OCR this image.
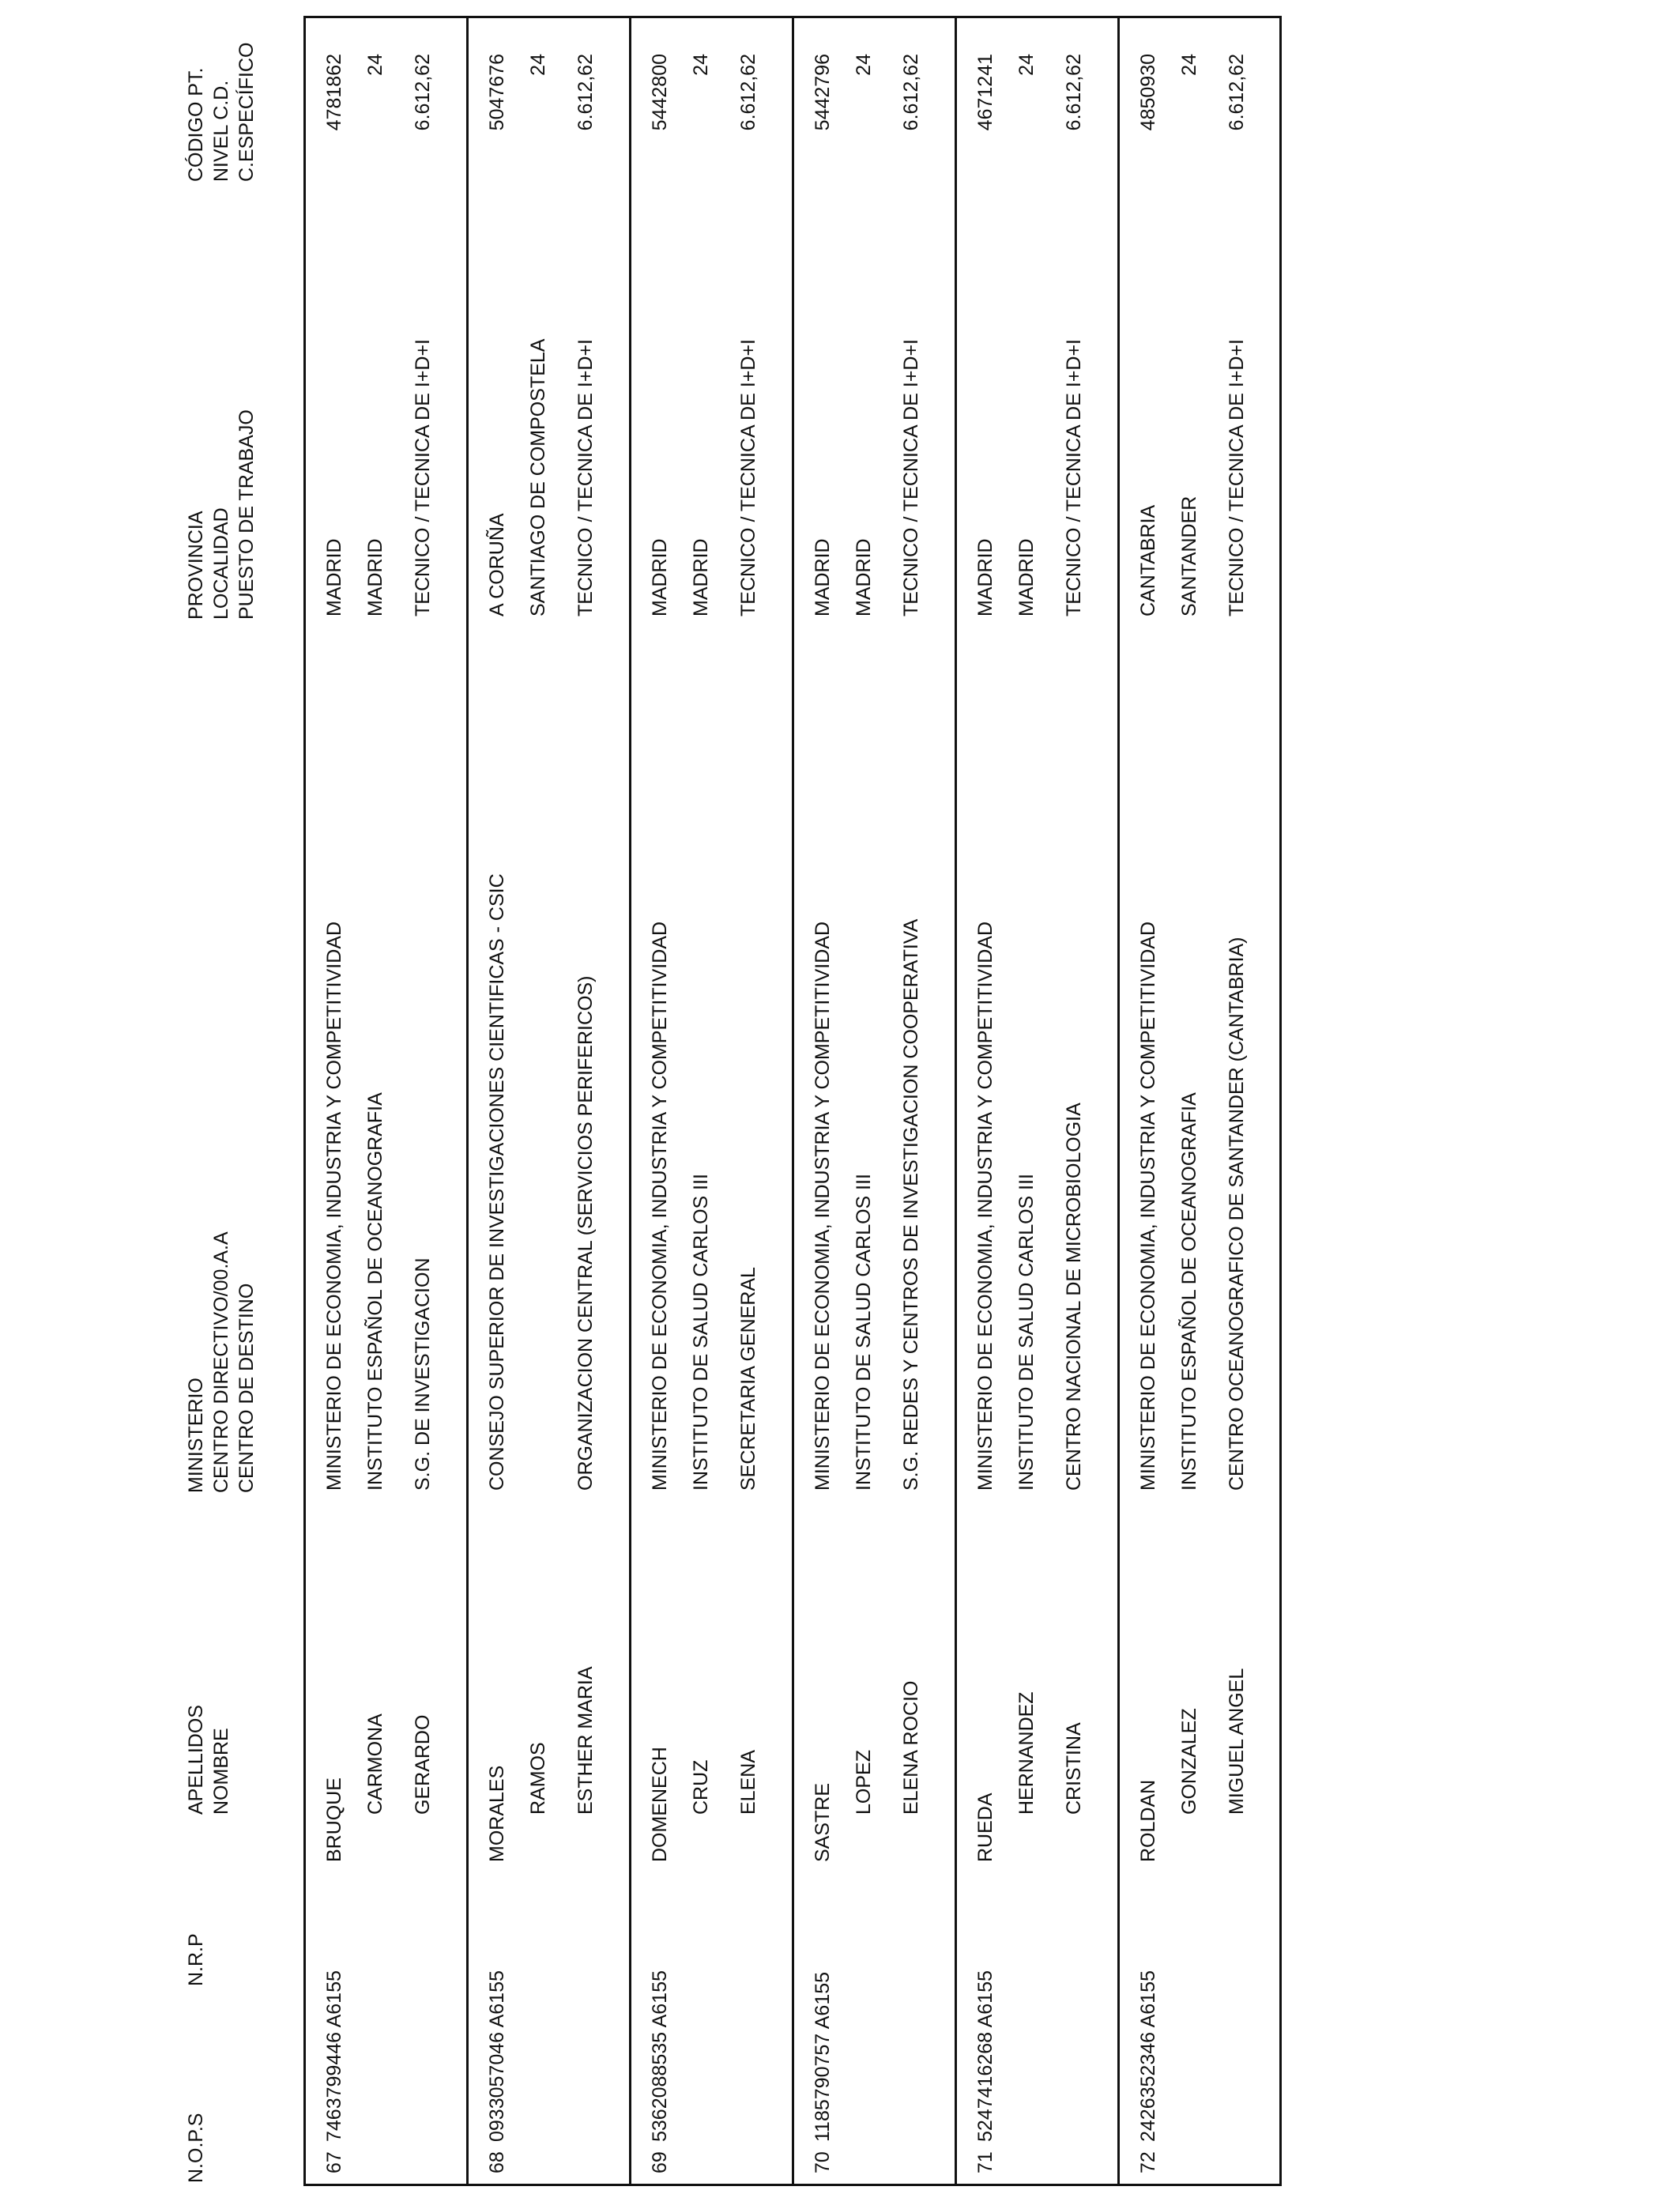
N.O.P.S
N.R.P
APELLIDOS NOMBRE
MINISTERIO CENTRO DIRECTIVO/00.A.A CENTRO DE DESTINO
PROVINCIA LOCALIDAD PUESTO DE TRABAJO
CÓDIGO PT. NIVEL C.D. C.ESPECÍFICO
67
7463799446 A6155
BRUQUE
CARMONA GERARDO
MINISTERIO DE ECONOMIA, INDUSTRIA Y COMPETITIVIDAD INSTITUTO ESPAÑOL DE OCEANOGRAFIA S.G. DE INVESTIGACION
MADRID MADRID TECNICO / TECNICA DE I+D+I
4781862 24 6.612,62
68
0933057046 A6155
MORALES RAMOS ESTHER MARIA
CONSEJO SUPERIOR DE INVESTIGACIONES CIENTIFICAS - CSIC	ORGANIZACION CENTRAL (SERVICIOS PERIFERICOS)
A CORUÑA SANTIAGO DE COMPOSTELA TECNICO / TECNICA DE I+D+I
5047676 24 6.612,62
69
5362088535 A6155
DOMENECH CRUZ ELENA
MINISTERIO DE ECONOMIA, INDUSTRIA Y COMPETITIVIDAD INSTITUTO DE SALUD CARLOS III SECRETARIA GENERAL
MADRID MADRID TECNICO / TECNICA DE I+D+I
5442800 24 6.612,62
70
1185790757 A6155
SASTRE
LOPEZ ELENA ROCIO
MINISTERIO DE ECONOMIA, INDUSTRIA Y COMPETITIVIDAD INSTITUTO DE SALUD CARLOS III S.G. REDES Y CENTROS DE INVESTIGACION COOPERATIVA
MADRID MADRID TECNICO / TECNICA DE I+D+I
5442796 24 6.612,62
71
5247416268 A6155
RUEDA
HERNANDEZ CRISTINA
MINISTERIO DE ECONOMIA, INDUSTRIA Y COMPETITIVIDAD INSTITUTO DE SALUD CARLOS III CENTRO NACIONAL DE MICROBIOLOGIA
MADRID MADRID TECNICO / TECNICA DE I+D+I
4671241 24 6.612,62
72
2426352346 A6155
ROLDAN
GONZALEZ MIGUEL ANGEL
MINISTERIO DE ECONOMIA, INDUSTRIA Y COMPETITIVIDAD INSTITUTO ESPAÑOL DE OCEANOGRAFIA CENTRO OCEANOGRAFICO DE SANTANDER (CANTABRIA)
CANTABRIA SANTANDER TECNICO / TECNICA DE I+D+I
4850930 24 6.612,62
